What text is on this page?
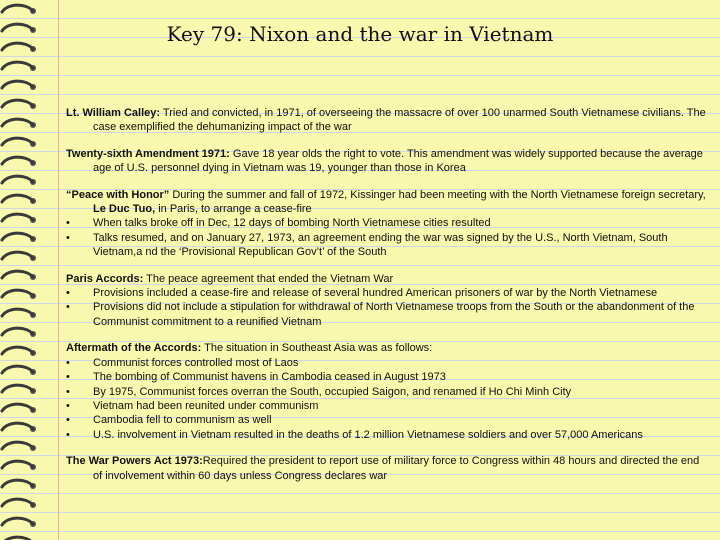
Key 79: Nixon and the war in Vietnam
Lt. William Calley: Tried and convicted, in 1971, of overseeing the massacre of over 100 unarmed South Vietnamese civilians. The case exemplified the dehumanizing impact of the war
Twenty-sixth Amendment 1971: Gave 18 year olds the right to vote. This amendment was widely supported because the average age of U.S. personnel dying in Vietnam was 19, younger than those in Korea
“Peace with Honor” During the summer and fall of 1972, Kissinger had been meeting with the North Vietnamese foreign secretary, Le Duc Tuo, in Paris, to arrange a cease-fire
• When talks broke off in Dec, 12 days of bombing North Vietnamese cities resulted
• Talks resumed, and on January 27, 1973, an agreement ending the war was signed by the U.S., North Vietnam, South Vietnam,a nd the ‘Provisional Republican Gov’t’ of the South
Paris Accords: The peace agreement that ended the Vietnam War
• Provisions included a cease-fire and release of several hundred American prisoners of war by the North Vietnamese
• Provisions did not include a stipulation for withdrawal of North Vietnamese troops from the South or the abandonment of the Communist commitment to a reunified Vietnam
Aftermath of the Accords: The situation in Southeast Asia was as follows:
• Communist forces controlled most of Laos
• The bombing of Communist havens in Cambodia ceased in August 1973
• By 1975, Communist forces overran the South, occupied Saigon, and renamed if Ho Chi Minh City
• Vietnam had been reunited under communism
• Cambodia fell to communism as well
• U.S. involvement in Vietnam resulted in the deaths of 1.2 million Vietnamese soldiers and over 57,000 Americans
The War Powers Act 1973:Required the president to report use of military force to Congress within 48 hours and directed the end of involvement within 60 days unless Congress declares war
